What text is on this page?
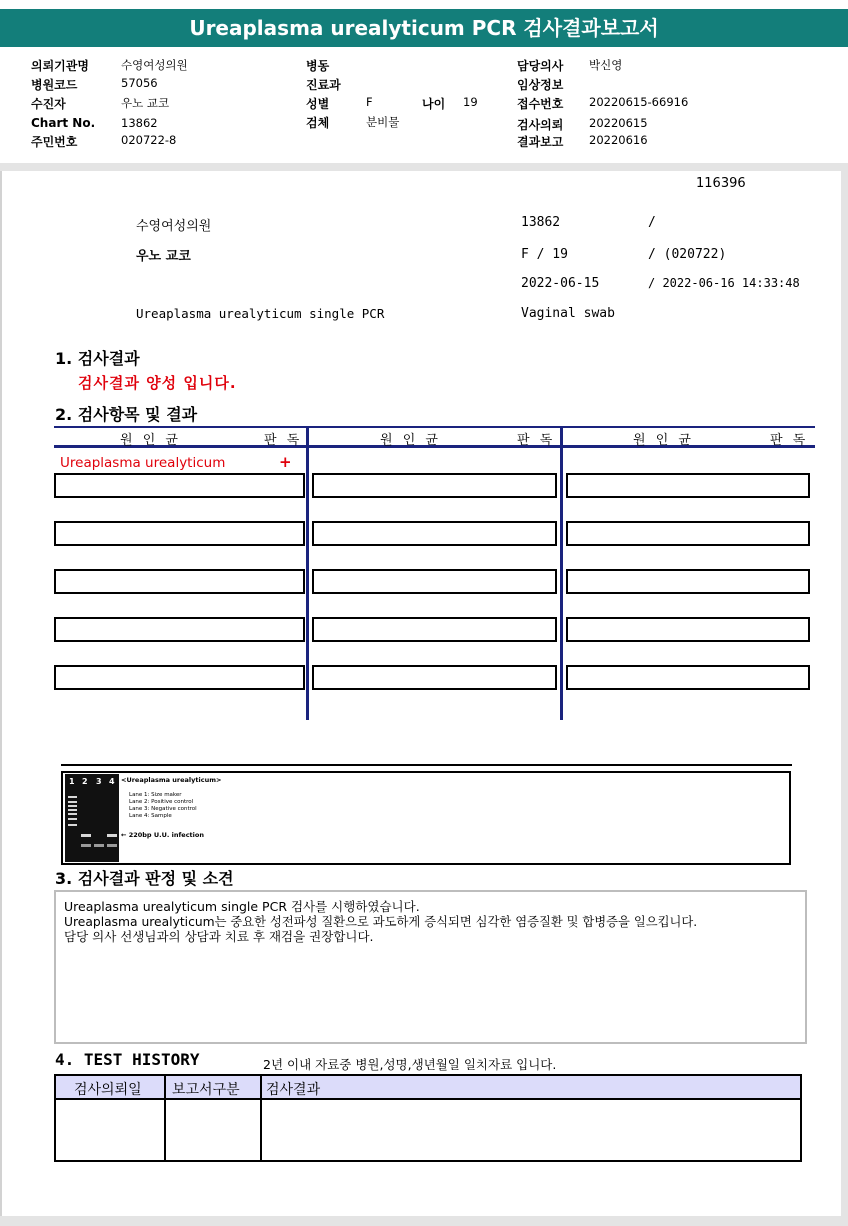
Ureaplasma urealyticum PCR 검사결과보고서
의뢰기관명	수영여성의원
병원코드	57056
수진자	우노 교코
Chart No. 13862
주민번호	020722-8
병동
진료과
성별	F	나이 19
검체	분비물
담당의사 박신영
임상정보
접수번호 20220615-66916
검사의뢰 20220615
결과보고 20220616
116396
수영여성의원	13862	/
우노 교코	F / 19	/ (020722)
2022-06-15	/ 2022-06-16 14:33:48
Ureaplasma urealyticum single PCR	Vaginal swab
1. 검사결과
검사결과 양성 입니다.
2. 검사항목 및 결과
원 인 균	판 독	원 인 균	판 독	원 인 균	판 독
Ureaplasma urealyticum	+
1 2 3 4 <Ureaplasma urealyticum>
Lane 1: Size maker
Lane 2: Positive control
Lane 3: Negative control
Lane 4: Sample
← 220bp U.U. infection
3. 검사결과 판정 및 소견
Ureaplasma urealyticum single PCR 검사를 시행하였습니다.
Ureaplasma urealyticum는 중요한 성전파성 질환으로 과도하게 증식되면 심각한 염증질환 및 합병증을 일으킵니다.
담당 의사 선생님과의 상담과 치료 후 재검을 권장합니다.
4. TEST HISTORY	2년 이내 자료중 병원,성명,생년월일 일치자료 입니다.
검사의뢰일 보고서구분 검사결과
